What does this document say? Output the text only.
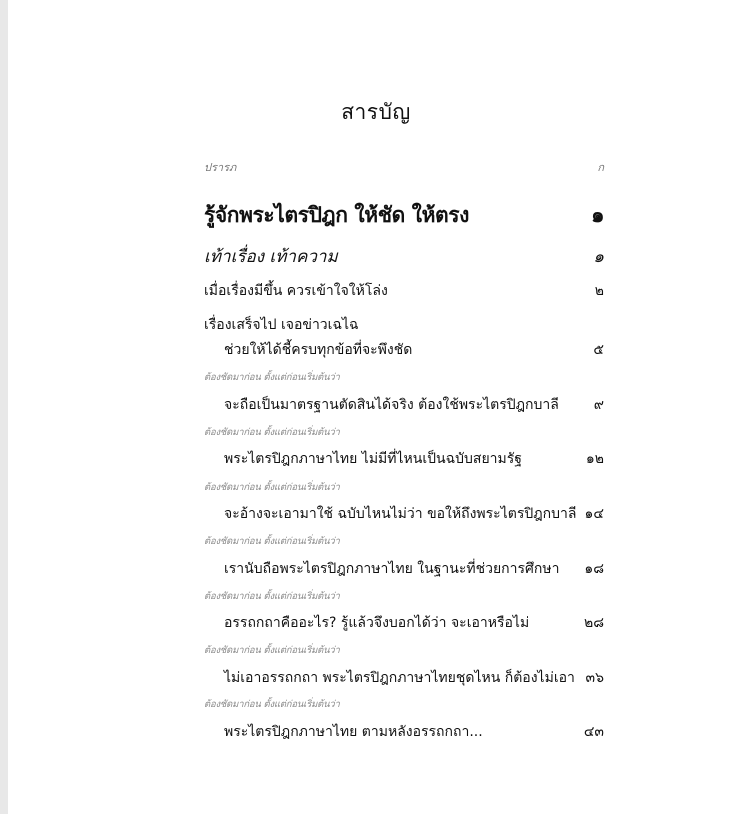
สารบัญ
ปรารภ	ก
รู้จักพระไตรปิฎก ให้ชัด ให้ตรง	๑
เท้าเรื่อง เท้าความ	๑
เมื่อเรื่องมีขึ้น ควรเข้าใจให้โล่ง	๒
เรื่องเสร็จไป เจอข่าวเฉไฉ
ช่วยให้ได้ชี้ครบทุกข้อที่จะพึงชัด	๕
ต้องชัดมาก่อน ตั้งแต่ก่อนเริ่มต้นว่า
จะถือเป็นมาตรฐานตัดสินได้จริง ต้องใช้พระไตรปิฎกบาลี ๙
ต้องชัดมาก่อน ตั้งแต่ก่อนเริ่มต้นว่า
พระไตรปิฎกภาษาไทย ไม่มีที่ไหนเป็นฉบับสยามรัฐ	๑๒
ต้องชัดมาก่อน ตั้งแต่ก่อนเริ่มต้นว่า
จะอ้างจะเอามาใช้ ฉบับไหนไม่ว่า ขอให้ถึงพระไตรปิฎกบาลี ๑๔
ต้องชัดมาก่อน ตั้งแต่ก่อนเริ่มต้นว่า
เรานับถือพระไตรปิฎกภาษาไทย ในฐานะที่ช่วยการศึกษา ๑๘
ต้องชัดมาก่อน ตั้งแต่ก่อนเริ่มต้นว่า
อรรถกถาคืออะไร? รู้แล้วจึงบอกได้ว่า จะเอาหรือไม่	๒๘
ต้องชัดมาก่อน ตั้งแต่ก่อนเริ่มต้นว่า
ไม่เอาอรรถกถา พระไตรปิฎกภาษาไทยชุดไหน ก็ต้องไม่เอา ๓๖
ต้องชัดมาก่อน ตั้งแต่ก่อนเริ่มต้นว่า
พระไตรปิฎกภาษาไทย ตามหลังอรรถกถา...	๔๓
